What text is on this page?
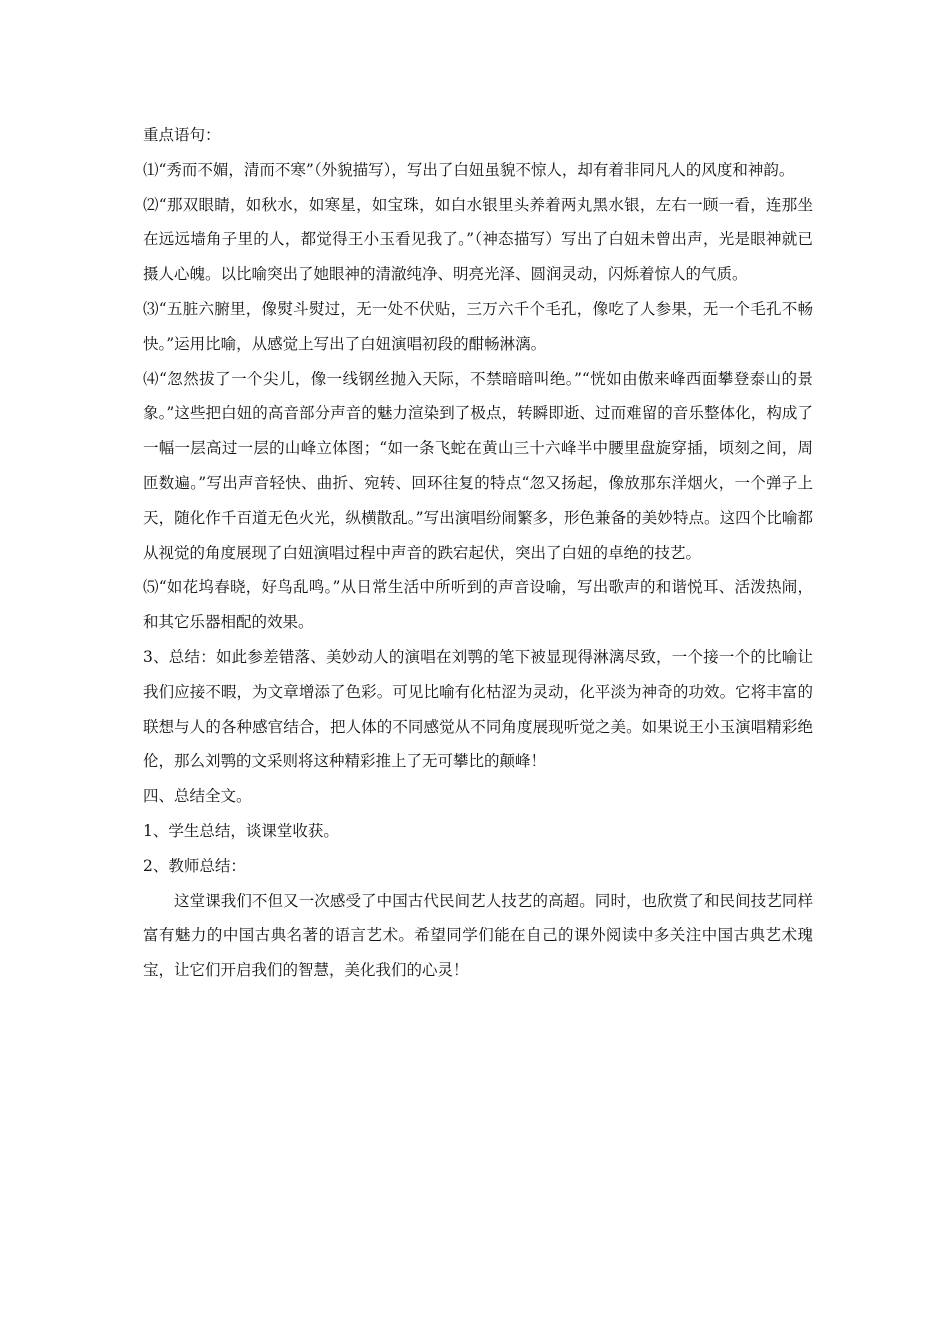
重点语句：

⑴“秀而不媚，清而不寒”（外貌描写），写出了白妞虽貌不惊人，却有着非同凡人的风度和神韵。

⑵“那双眼睛，如秋水，如寒星，如宝珠，如白水银里头养着两丸黑水银，左右一顾一看，连那坐在远远墙角子里的人，都觉得王小玉看见我了。”（神态描写）写出了白妞未曾出声，光是眼神就已摄人心魄。以比喻突出了她眼神的清澈纯净、明亮光泽、圆润灵动，闪烁着惊人的气质。

⑶“五脏六腑里，像熨斗熨过，无一处不伏贴，三万六千个毛孔，像吃了人参果，无一个毛孔不畅快。”运用比喻，从感觉上写出了白妞演唱初段的酣畅淋漓。

⑷“忽然拔了一个尖儿，像一线钢丝抛入天际，不禁暗暗叫绝。”“恍如由傲来峰西面攀登泰山的景象。”这些把白妞的高音部分声音的魅力渲染到了极点，转瞬即逝、过而难留的音乐整体化，构成了一幅一层高过一层的山峰立体图；“如一条飞蛇在黄山三十六峰半中腰里盘旋穿插，顷刻之间，周匝数遍。”写出声音轻快、曲折、宛转、回环往复的特点“忽又扬起，像放那东洋烟火，一个弹子上天，随化作千百道无色火光，纵横散乱。”写出演唱纷闹繁多，形色兼备的美妙特点。这四个比喻都从视觉的角度展现了白妞演唱过程中声音的跌宕起伏，突出了白妞的卓绝的技艺。

⑸“如花坞春晓，好鸟乱鸣。”从日常生活中所听到的声音设喻，写出歌声的和谐悦耳、活泼热闹，和其它乐器相配的效果。

3、总结：如此参差错落、美妙动人的演唱在刘鹗的笔下被显现得淋漓尽致，一个接一个的比喻让我们应接不暇，为文章增添了色彩。可见比喻有化枯涩为灵动，化平淡为神奇的功效。它将丰富的联想与人的各种感官结合，把人体的不同感觉从不同角度展现听觉之美。如果说王小玉演唱精彩绝伦，那么刘鹗的文采则将这种精彩推上了无可攀比的颠峰！

四、总结全文。

1、学生总结，谈课堂收获。

2、教师总结：

这堂课我们不但又一次感受了中国古代民间艺人技艺的高超。同时，也欣赏了和民间技艺同样富有魅力的中国古典名著的语言艺术。希望同学们能在自己的课外阅读中多关注中国古典艺术瑰宝，让它们开启我们的智慧，美化我们的心灵！
